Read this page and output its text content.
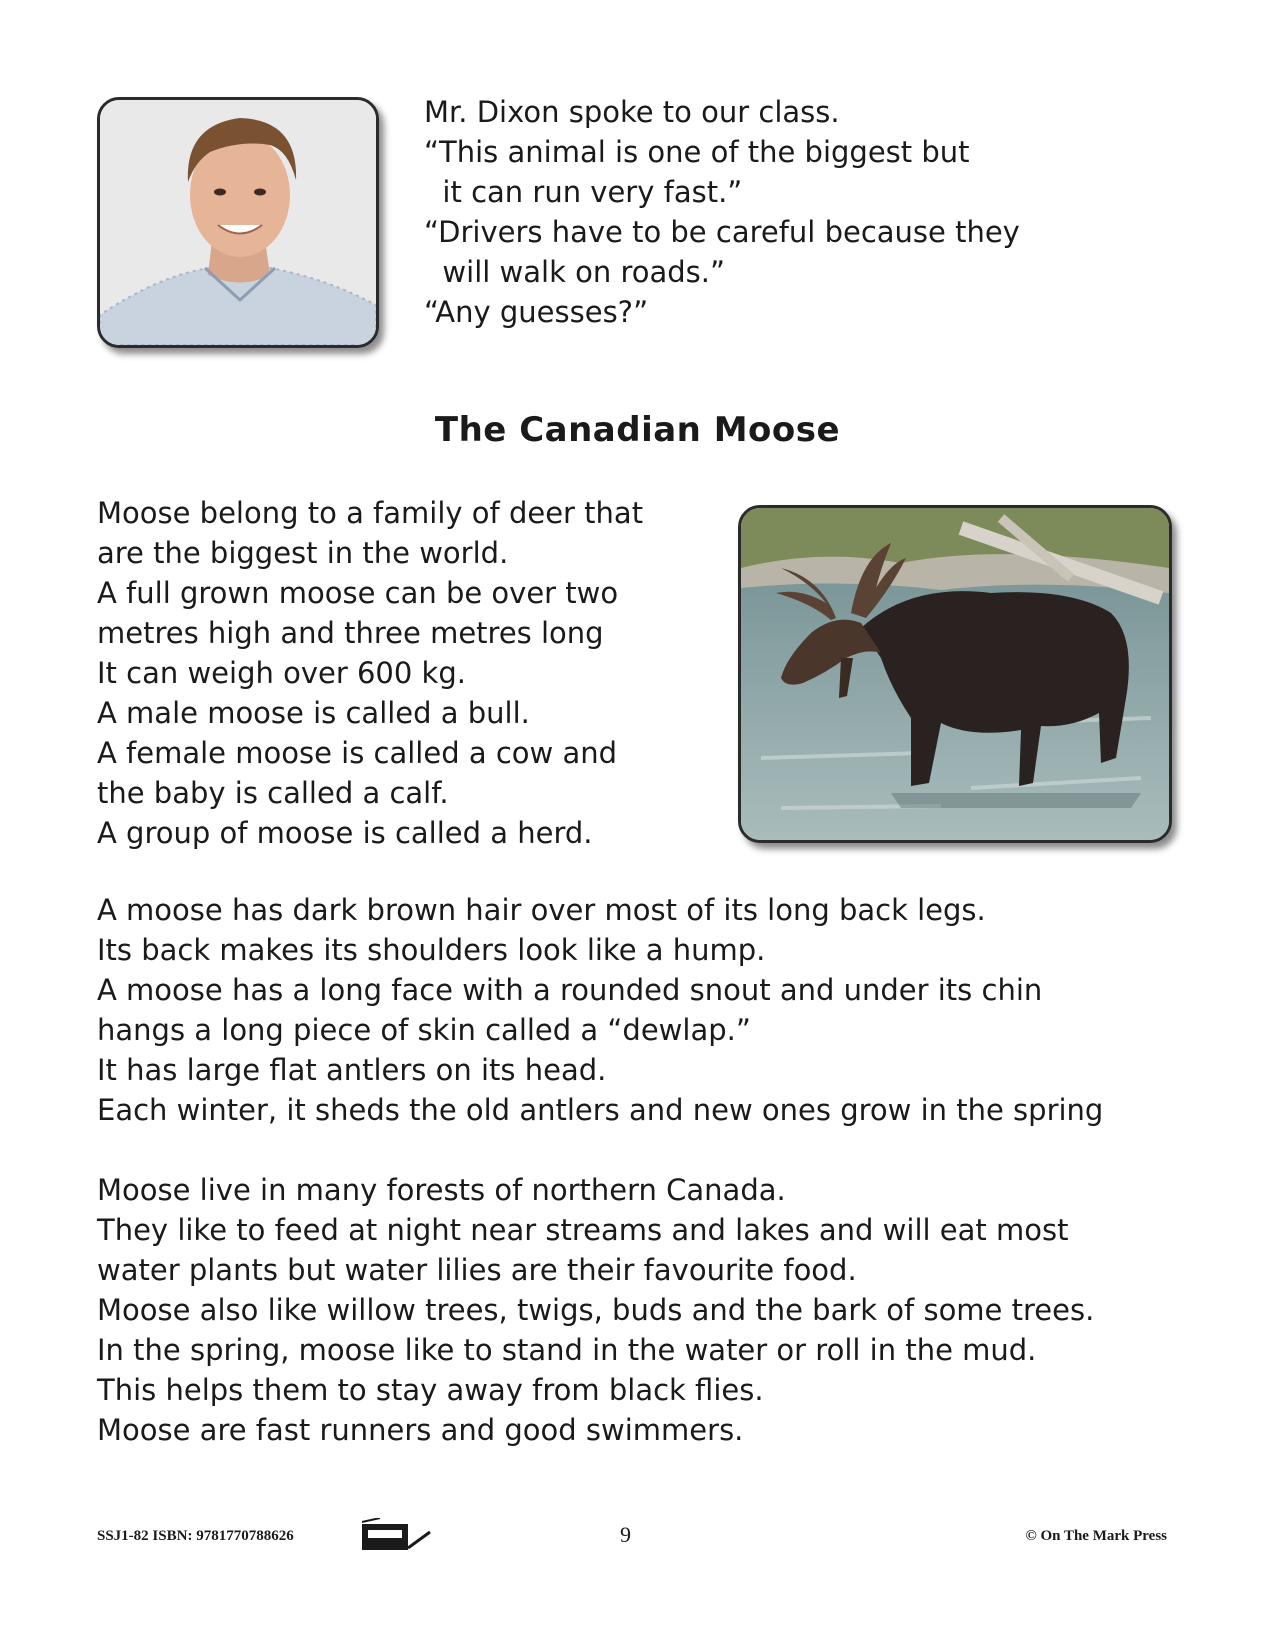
Mr. Dixon spoke to our class.
“This animal is one of the biggest but
it can run very fast.”
“Drivers have to be careful because they
will walk on roads.”
“Any guesses?”
The Canadian Moose
Moose belong to a family of deer that
are the biggest in the world.
A full grown moose can be over two
metres high and three metres long
It can weigh over 600 kg.
A male moose is called a bull.
A female moose is called a cow and
the baby is called a calf.
A group of moose is called a herd.
A moose has dark brown hair over most of its long back legs.
Its back makes its shoulders look like a hump.
A moose has a long face with a rounded snout and under its chin
hangs a long piece of skin called a “dewlap.”
It has large flat antlers on its head.
Each winter, it sheds the old antlers and new ones grow in the spring
Moose live in many forests of northern Canada.
They like to feed at night near streams and lakes and will eat most
water plants but water lilies are their favourite food.
Moose also like willow trees, twigs, buds and the bark of some trees.
In the spring, moose like to stand in the water or roll in the mud.
This helps them to stay away from black flies.
Moose are fast runners and good swimmers.
SSJ1-82 ISBN: 9781770788626	9	© On The Mark Press
